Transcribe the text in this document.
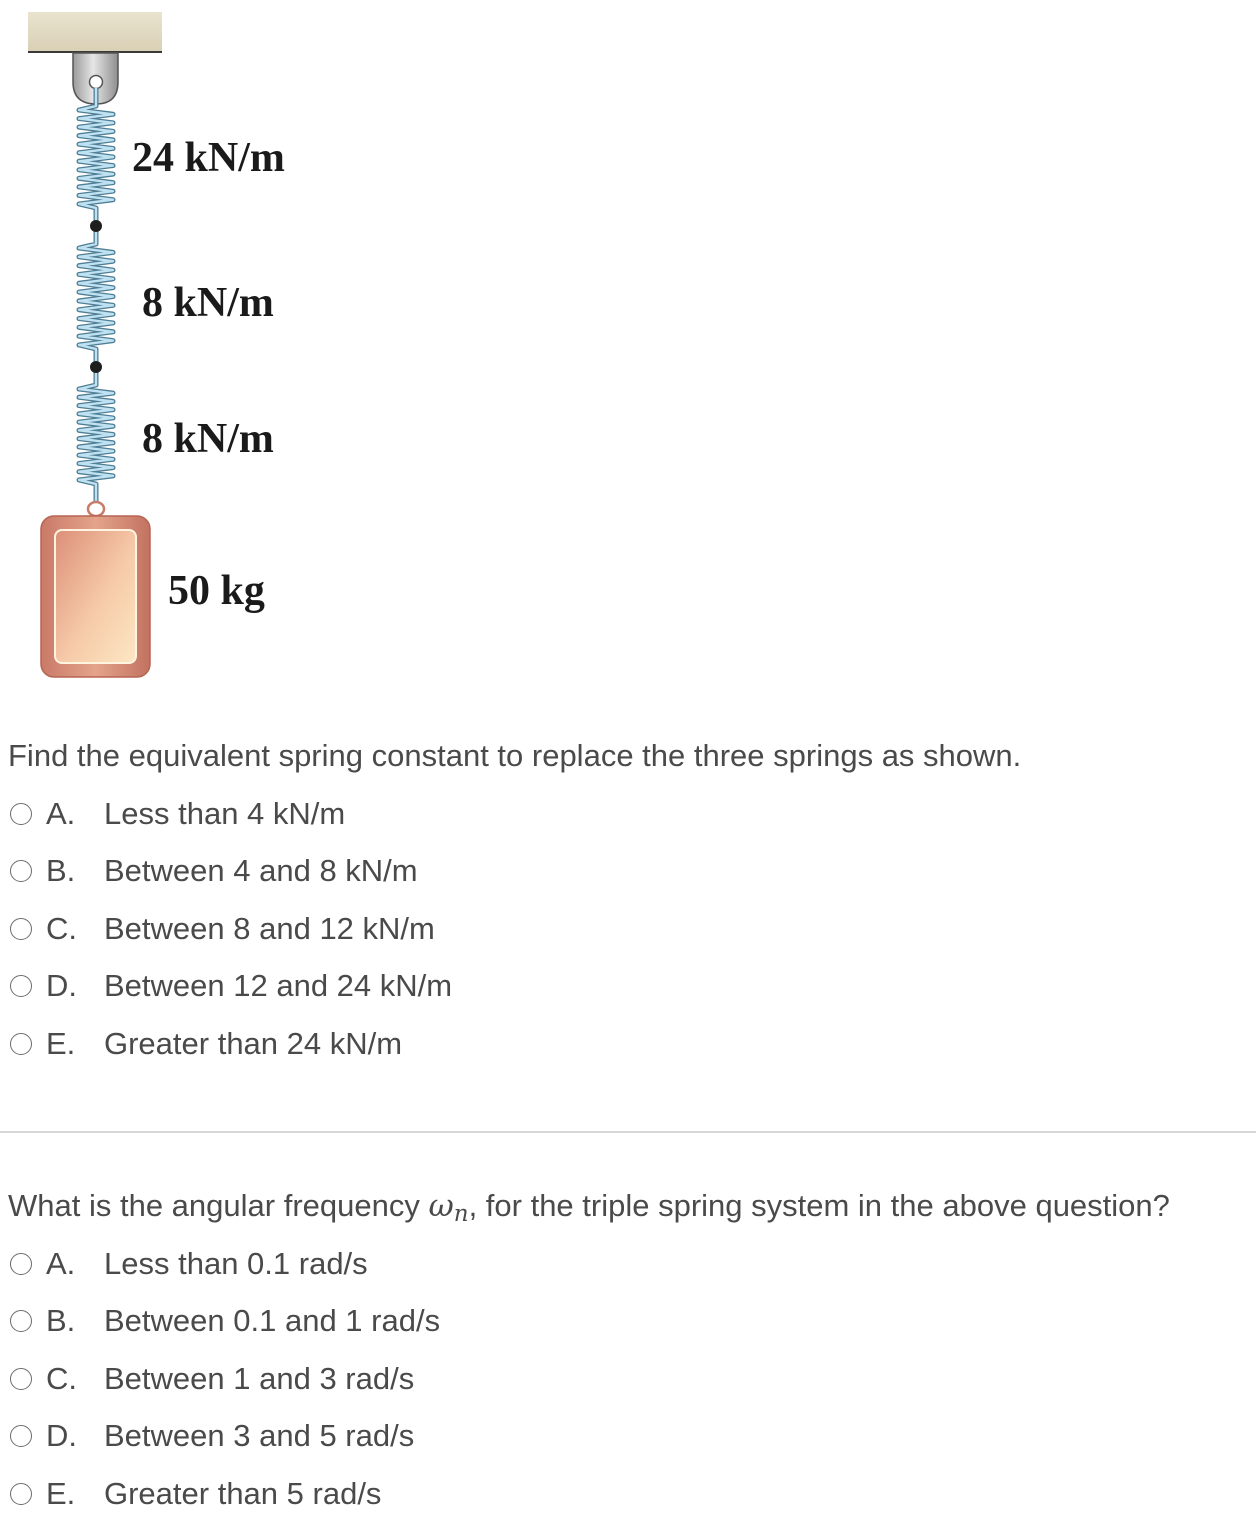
24 kN/m
8 kN/m
8 kN/m
50 kg

Find the equivalent spring constant to replace the three springs as shown.

A. Less than 4 kN/m
B. Between 4 and 8 kN/m
C. Between 8 and 12 kN/m
D. Between 12 and 24 kN/m
E. Greater than 24 kN/m

What is the angular frequency $\omega_n$, for the triple spring system in the above question?

A. Less than 0.1 rad/s
B. Between 0.1 and 1 rad/s
C. Between 1 and 3 rad/s
D. Between 3 and 5 rad/s
E. Greater than 5 rad/s
